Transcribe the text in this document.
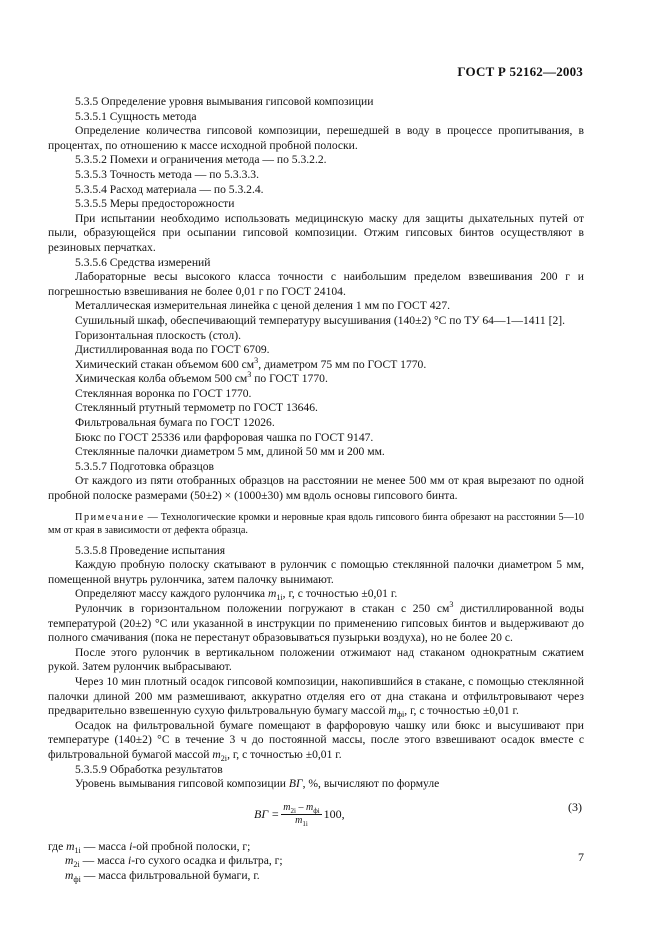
ГОСТ Р 52162—2003

5.3.5 Определение уровня вымывания гипсовой композиции

5.3.5.1 Сущность метода

Определение количества гипсовой композиции, перешедшей в воду в процессе пропитывания, в процентах, по отношению к массе исходной пробной полоски.

5.3.5.2 Помехи и ограничения метода — по 5.3.2.2.

5.3.5.3 Точность метода — по 5.3.3.3.

5.3.5.4 Расход материала — по 5.3.2.4.

5.3.5.5 Меры предосторожности

При испытании необходимо использовать медицинскую маску для защиты дыхательных путей от пыли, образующейся при осыпании гипсовой композиции. Отжим гипсовых бинтов осуществляют в резиновых перчатках.

5.3.5.6 Средства измерений

Лабораторные весы высокого класса точности с наибольшим пределом взвешивания 200 г и погрешностью взвешивания не более 0,01 г по ГОСТ 24104.

Металлическая измерительная линейка с ценой деления 1 мм по ГОСТ 427.

Сушильный шкаф, обеспечивающий температуру высушивания (140±2) °С по ТУ 64—1—1411 [2].

Горизонтальная плоскость (стол).

Дистиллированная вода по ГОСТ 6709.

Химический стакан объемом 600 $см^3$, диаметром 75 мм по ГОСТ 1770.

Химическая колба объемом 500 $см^3$ по ГОСТ 1770.

Стеклянная воронка по ГОСТ 1770.

Стеклянный ртутный термометр по ГОСТ 13646.

Фильтровальная бумага по ГОСТ 12026.

Бюкс по ГОСТ 25336 или фарфоровая чашка по ГОСТ 9147.

Стеклянные палочки диаметром 5 мм, длиной 50 мм и 200 мм.

5.3.5.7 Подготовка образцов

От каждого из пяти отобранных образцов на расстоянии не менее 500 мм от края вырезают по одной пробной полоске размерами (50±2) × (1000±30) мм вдоль основы гипсового бинта.

Примечание — Технологические кромки и неровные края вдоль гипсового бинта обрезают на расстоянии 5—10 мм от края в зависимости от дефекта образца.

5.3.5.8 Проведение испытания

Каждую пробную полоску скатывают в рулончик с помощью стеклянной палочки диаметром 5 мм, помещенной внутрь рулончика, затем палочку вынимают.

Определяют массу каждого рулончика $m_{1i}$, г, с точностью ±0,01 г.

Рулончик в горизонтальном положении погружают в стакан с 250 $см^3$ дистиллированной воды температурой (20±2) °С или указанной в инструкции по применению гипсовых бинтов и выдерживают до полного смачивания (пока не перестанут образовываться пузырьки воздуха), но не более 20 с.

После этого рулончик в вертикальном положении отжимают над стаканом однократным сжатием рукой. Затем рулончик выбрасывают.

Через 10 мин плотный осадок гипсовой композиции, накопившийся в стакане, с помощью стеклянной палочки длиной 200 мм размешивают, аккуратно отделяя его от дна стакана и отфильтровывают через предварительно взвешенную сухую фильтровальную бумагу массой $m_{фi}$, г, с точностью ±0,01 г.

Осадок на фильтровальной бумаге помещают в фарфоровую чашку или бюкс и высушивают при температуре (140±2) °С в течение 3 ч до постоянной массы, после этого взвешивают осадок вместе с фильтровальной бумагой массой $m_{2i}$, г, с точностью ±0,01 г.

5.3.5.9 Обработка результатов

Уровень вымывания гипсовой композиции ВГ, %, вычисляют по формуле

ВГ = $\frac{m_{2i} - m_{фi}}{m_{1i}} 100$,
(3)

где $m_{1i}$ — масса i-ой пробной полоски, г;

$m_{2i}$ — масса i-го сухого осадка и фильтра, г;

$m_{фi}$ — масса фильтровальной бумаги, г.

7
